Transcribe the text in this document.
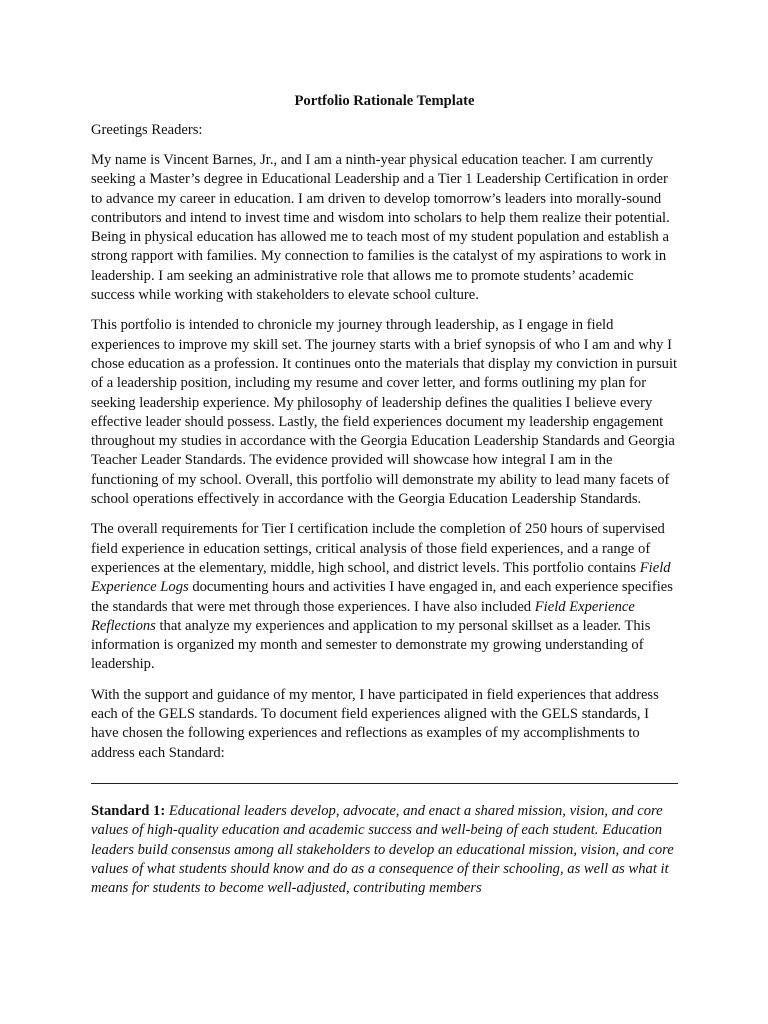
Portfolio Rationale Template
Greetings Readers:

My name is Vincent Barnes, Jr., and I am a ninth-year physical education teacher. I am currently seeking a Master’s degree in Educational Leadership and a Tier 1 Leadership Certification in order to advance my career in education. I am driven to develop tomorrow’s leaders into morally-sound contributors and intend to invest time and wisdom into scholars to help them realize their potential. Being in physical education has allowed me to teach most of my student population and establish a strong rapport with families. My connection to families is the catalyst of my aspirations to work in leadership. I am seeking an administrative role that allows me to promote students’ academic success while working with stakeholders to elevate school culture.

This portfolio is intended to chronicle my journey through leadership, as I engage in field experiences to improve my skill set. The journey starts with a brief synopsis of who I am and why I chose education as a profession. It continues onto the materials that display my conviction in pursuit of a leadership position, including my resume and cover letter, and forms outlining my plan for seeking leadership experience. My philosophy of leadership defines the qualities I believe every effective leader should possess. Lastly, the field experiences document my leadership engagement throughout my studies in accordance with the Georgia Education Leadership Standards and Georgia Teacher Leader Standards. The evidence provided will showcase how integral I am in the functioning of my school. Overall, this portfolio will demonstrate my ability to lead many facets of school operations effectively in accordance with the Georgia Education Leadership Standards.

The overall requirements for Tier I certification include the completion of 250 hours of supervised field experience in education settings, critical analysis of those field experiences, and a range of experiences at the elementary, middle, high school, and district levels. This portfolio contains Field Experience Logs documenting hours and activities I have engaged in, and each experience specifies the standards that were met through those experiences. I have also included Field Experience Reflections that analyze my experiences and application to my personal skillset as a leader. This information is organized my month and semester to demonstrate my growing understanding of leadership.

With the support and guidance of my mentor, I have participated in field experiences that address each of the GELS standards. To document field experiences aligned with the GELS standards, I have chosen the following experiences and reflections as examples of my accomplishments to address each Standard:

Standard 1: Educational leaders develop, advocate, and enact a shared mission, vision, and core values of high-quality education and academic success and well-being of each student. Education leaders build consensus among all stakeholders to develop an educational mission, vision, and core values of what students should know and do as a consequence of their schooling, as well as what it means for students to become well-adjusted, contributing members
